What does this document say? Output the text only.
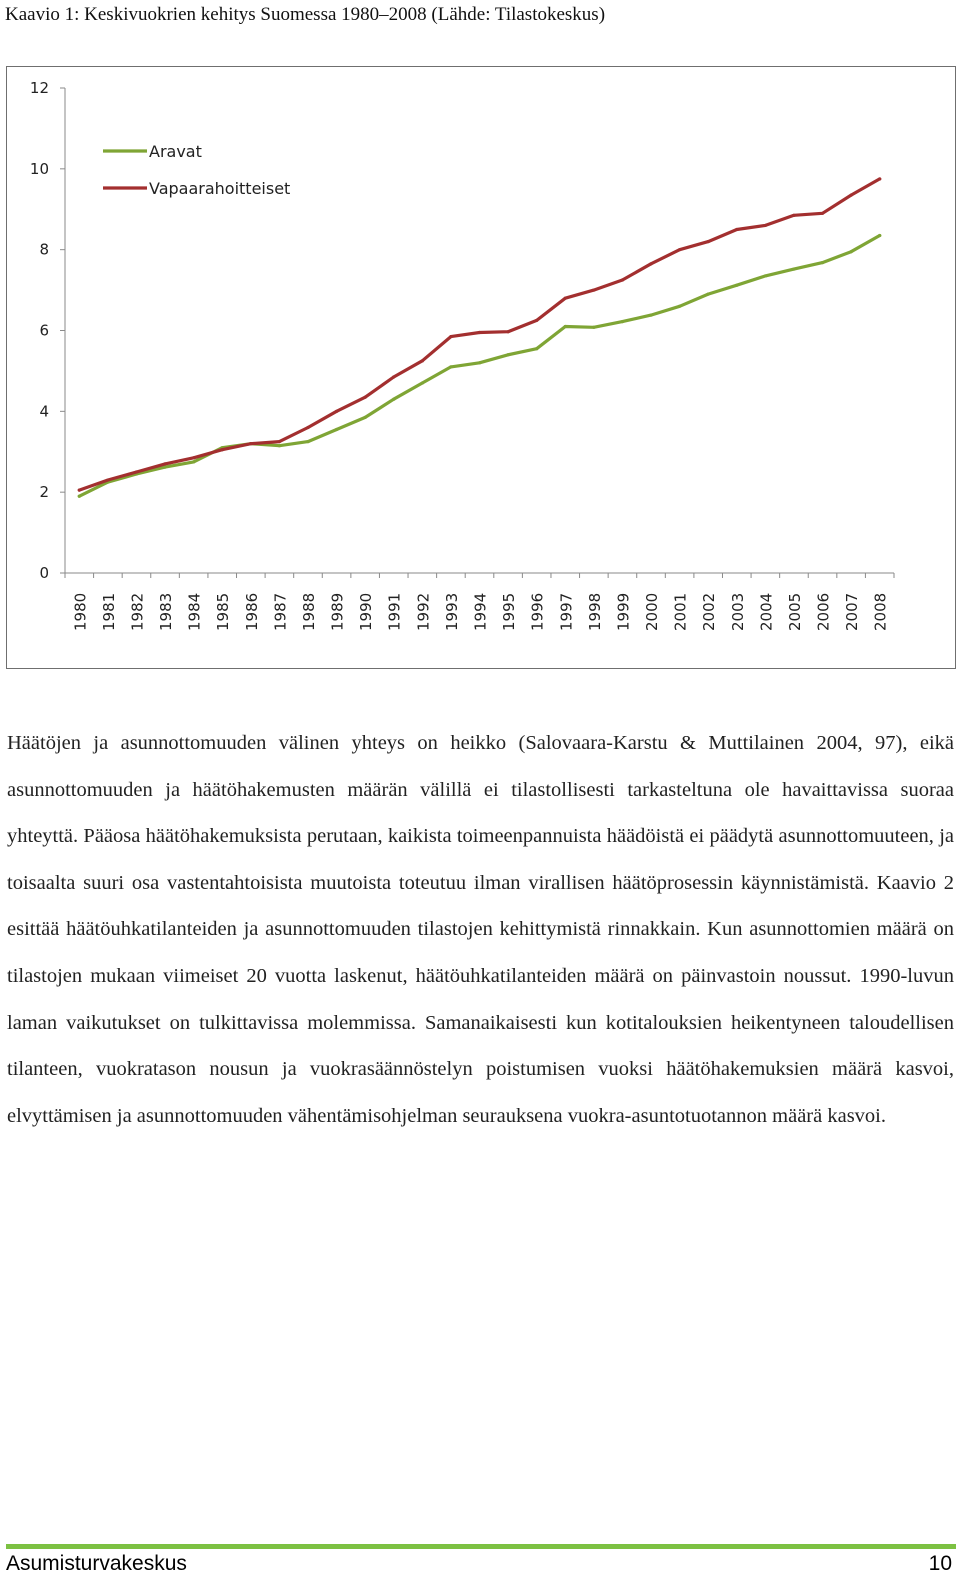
Kaavio 1: Keskivuokrien kehitys Suomessa 1980–2008 (Lähde: Tilastokeskus)
0
2
4
6
8
10
12
1980 1981 1982 1983 1984 1985 1986 1987 1988 1989 1990 1991 1992 1993 1994 1995 1996 1997 1998 1999 2000 2001 2002 2003 2004 2005 2006 2007 2008
Aravat
Vapaarahoitteiset

Häätöjen ja asunnottomuuden välinen yhteys on heikko (Salovaara-Karstu & Muttilainen 2004, 97), eikä asunnottomuuden ja häätöhakemusten määrän välillä ei tilastollisesti tarkasteltuna ole havaittavissa suoraa yhteyttä. Pääosa häätöhakemuksista perutaan, kaikista toimeenpannuista häädöistä ei päädytä asunnottomuuteen, ja toisaalta suuri osa vastentahtoisista muutoista toteutuu ilman virallisen häätöprosessin käynnistämistä. Kaavio 2 esittää häätöuhkatilanteiden ja asunnottomuuden tilastojen kehittymistä rinnakkain. Kun asunnottomien määrä on tilastojen mukaan viimeiset 20 vuotta laskenut, häätöuhkatilanteiden määrä on päinvastoin noussut. 1990-luvun laman vaikutukset on tulkittavissa molemmissa. Samanaikaisesti kun kotitalouksien heikentyneen taloudellisen tilanteen, vuokratason nousun ja vuokrasäännöstelyn poistumisen vuoksi häätöhakemuksien määrä kasvoi, elvyttämisen ja asunnottomuuden vähentämisohjelman seurauksena vuokra-asuntotuotannon määrä kasvoi.

Asumisturvakeskus	10
